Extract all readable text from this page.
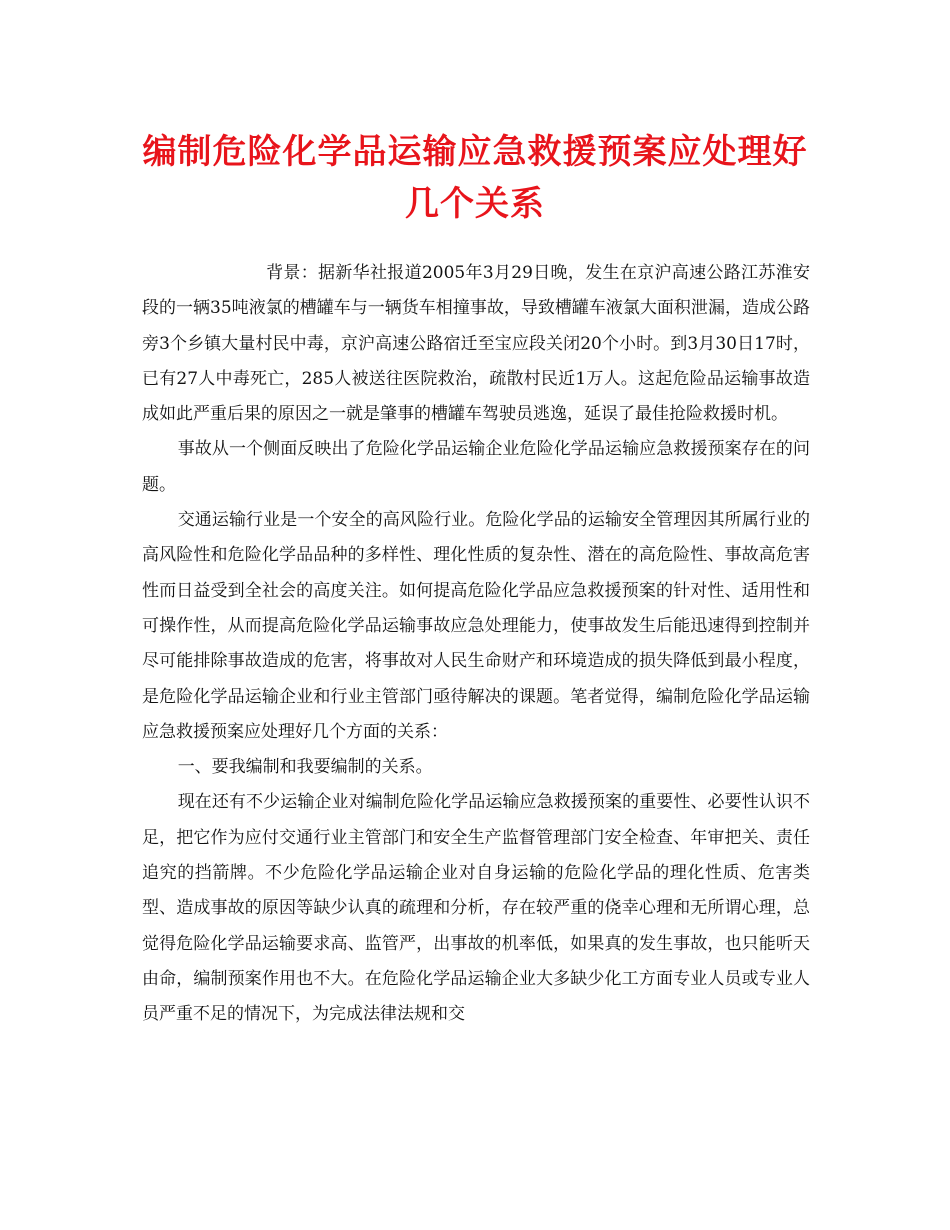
编制危险化学品运输应急救援预案应处理好几个关系

背景：据新华社报道2005年3月29日晚，发生在京沪高速公路江苏淮安段的一辆35吨液氯的槽罐车与一辆货车相撞事故，导致槽罐车液氯大面积泄漏，造成公路旁3个乡镇大量村民中毒，京沪高速公路宿迁至宝应段关闭20个小时。到3月30日17时，已有27人中毒死亡，285人被送往医院救治，疏散村民近1万人。这起危险品运输事故造成如此严重后果的原因之一就是肇事的槽罐车驾驶员逃逸，延误了最佳抢险救援时机。

事故从一个侧面反映出了危险化学品运输企业危险化学品运输应急救援预案存在的问题。

交通运输行业是一个安全的高风险行业。危险化学品的运输安全管理因其所属行业的高风险性和危险化学品品种的多样性、理化性质的复杂性、潜在的高危险性、事故高危害性而日益受到全社会的高度关注。如何提高危险化学品应急救援预案的针对性、适用性和可操作性，从而提高危险化学品运输事故应急处理能力，使事故发生后能迅速得到控制并尽可能排除事故造成的危害，将事故对人民生命财产和环境造成的损失降低到最小程度，是危险化学品运输企业和行业主管部门亟待解决的课题。笔者觉得，编制危险化学品运输应急救援预案应处理好几个方面的关系：

一、要我编制和我要编制的关系。

现在还有不少运输企业对编制危险化学品运输应急救援预案的重要性、必要性认识不足，把它作为应付交通行业主管部门和安全生产监督管理部门安全检查、年审把关、责任追究的挡箭牌。不少危险化学品运输企业对自身运输的危险化学品的理化性质、危害类型、造成事故的原因等缺少认真的疏理和分析，存在较严重的侥幸心理和无所谓心理，总觉得危险化学品运输要求高、监管严，出事故的机率低，如果真的发生事故，也只能听天由命，编制预案作用也不大。在危险化学品运输企业大多缺少化工方面专业人员或专业人员严重不足的情况下，为完成法律法规和交
